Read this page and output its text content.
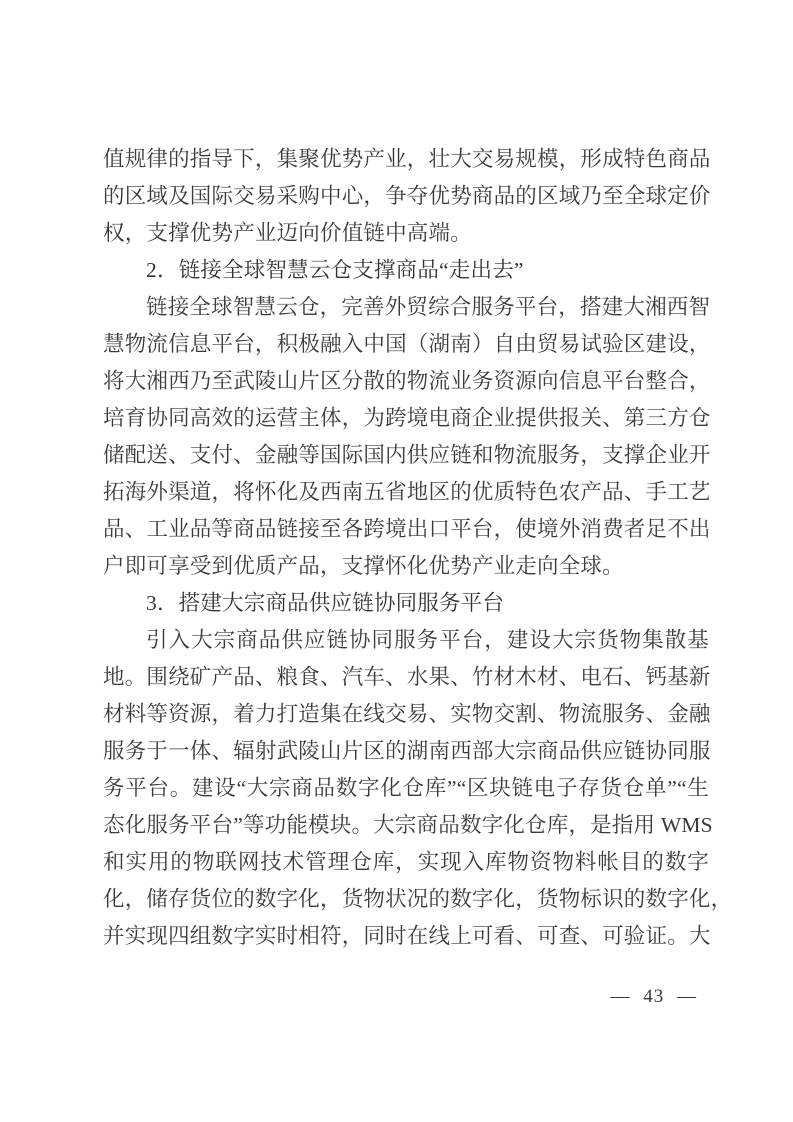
值规律的指导下，集聚优势产业，壮大交易规模，形成特色商品
的区域及国际交易采购中心，争夺优势商品的区域乃至全球定价
权，支撑优势产业迈向价值链中高端。
2．链接全球智慧云仓支撑商品“走出去”
链接全球智慧云仓，完善外贸综合服务平台，搭建大湘西智
慧物流信息平台，积极融入中国（湖南）自由贸易试验区建设，
将大湘西乃至武陵山片区分散的物流业务资源向信息平台整合，
培育协同高效的运营主体，为跨境电商企业提供报关、第三方仓
储配送、支付、金融等国际国内供应链和物流服务，支撑企业开
拓海外渠道，将怀化及西南五省地区的优质特色农产品、手工艺
品、工业品等商品链接至各跨境出口平台，使境外消费者足不出
户即可享受到优质产品，支撑怀化优势产业走向全球。
3．搭建大宗商品供应链协同服务平台
引入大宗商品供应链协同服务平台，建设大宗货物集散基
地。围绕矿产品、粮食、汽车、水果、竹材木材、电石、钙基新
材料等资源，着力打造集在线交易、实物交割、物流服务、金融
服务于一体、辐射武陵山片区的湖南西部大宗商品供应链协同服
务平台。建设“大宗商品数字化仓库”“区块链电子存货仓单”“生
态化服务平台”等功能模块。大宗商品数字化仓库，是指用 WMS
和实用的物联网技术管理仓库，实现入库物资物料帐目的数字
化，储存货位的数字化，货物状况的数字化，货物标识的数字化，
并实现四组数字实时相符，同时在线上可看、可查、可验证。大
— 43 —
